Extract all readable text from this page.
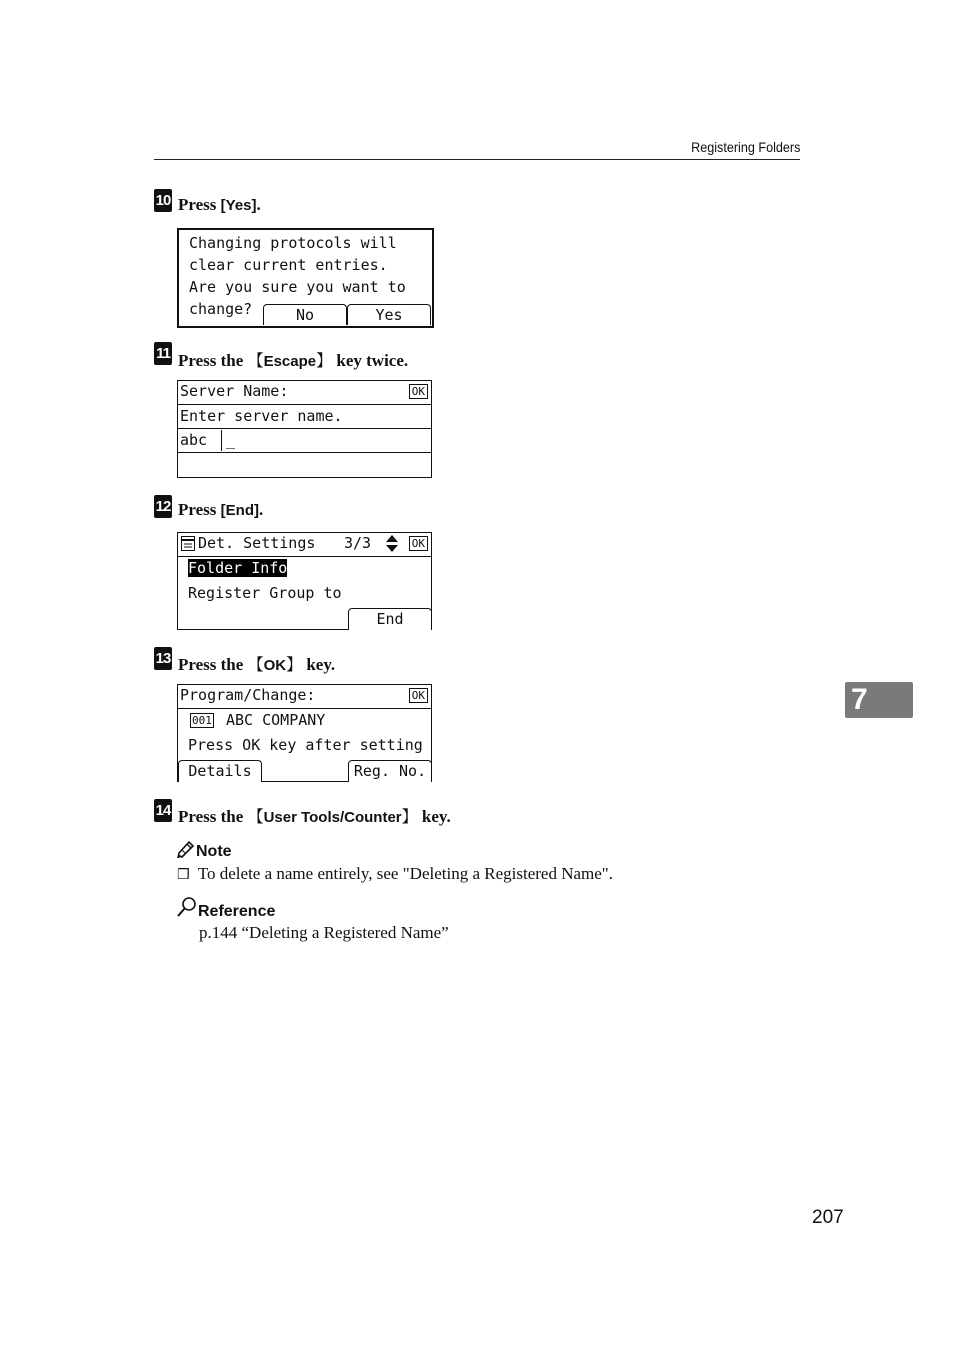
Registering Folders
10 Press [Yes].
Changing protocols will
clear current entries.
Are you sure you want to
change?	No	Yes
11 Press the 【Escape】 key twice.
Server Name:	OK
Enter server name.
abc	_
12 Press [End].
Det. Settings	3/3	OK
Folder Info
Register Group to
End
13 Press the 【OK】 key.
Program/Change:	OK
001 ABC COMPANY
Press OK key after setting
Details	Reg. No.
7
14 Press the 【User Tools/Counter】 key.
Note
❒ To delete a name entirely, see "Deleting a Registered Name".
Reference
p.144 “Deleting a Registered Name”
207
